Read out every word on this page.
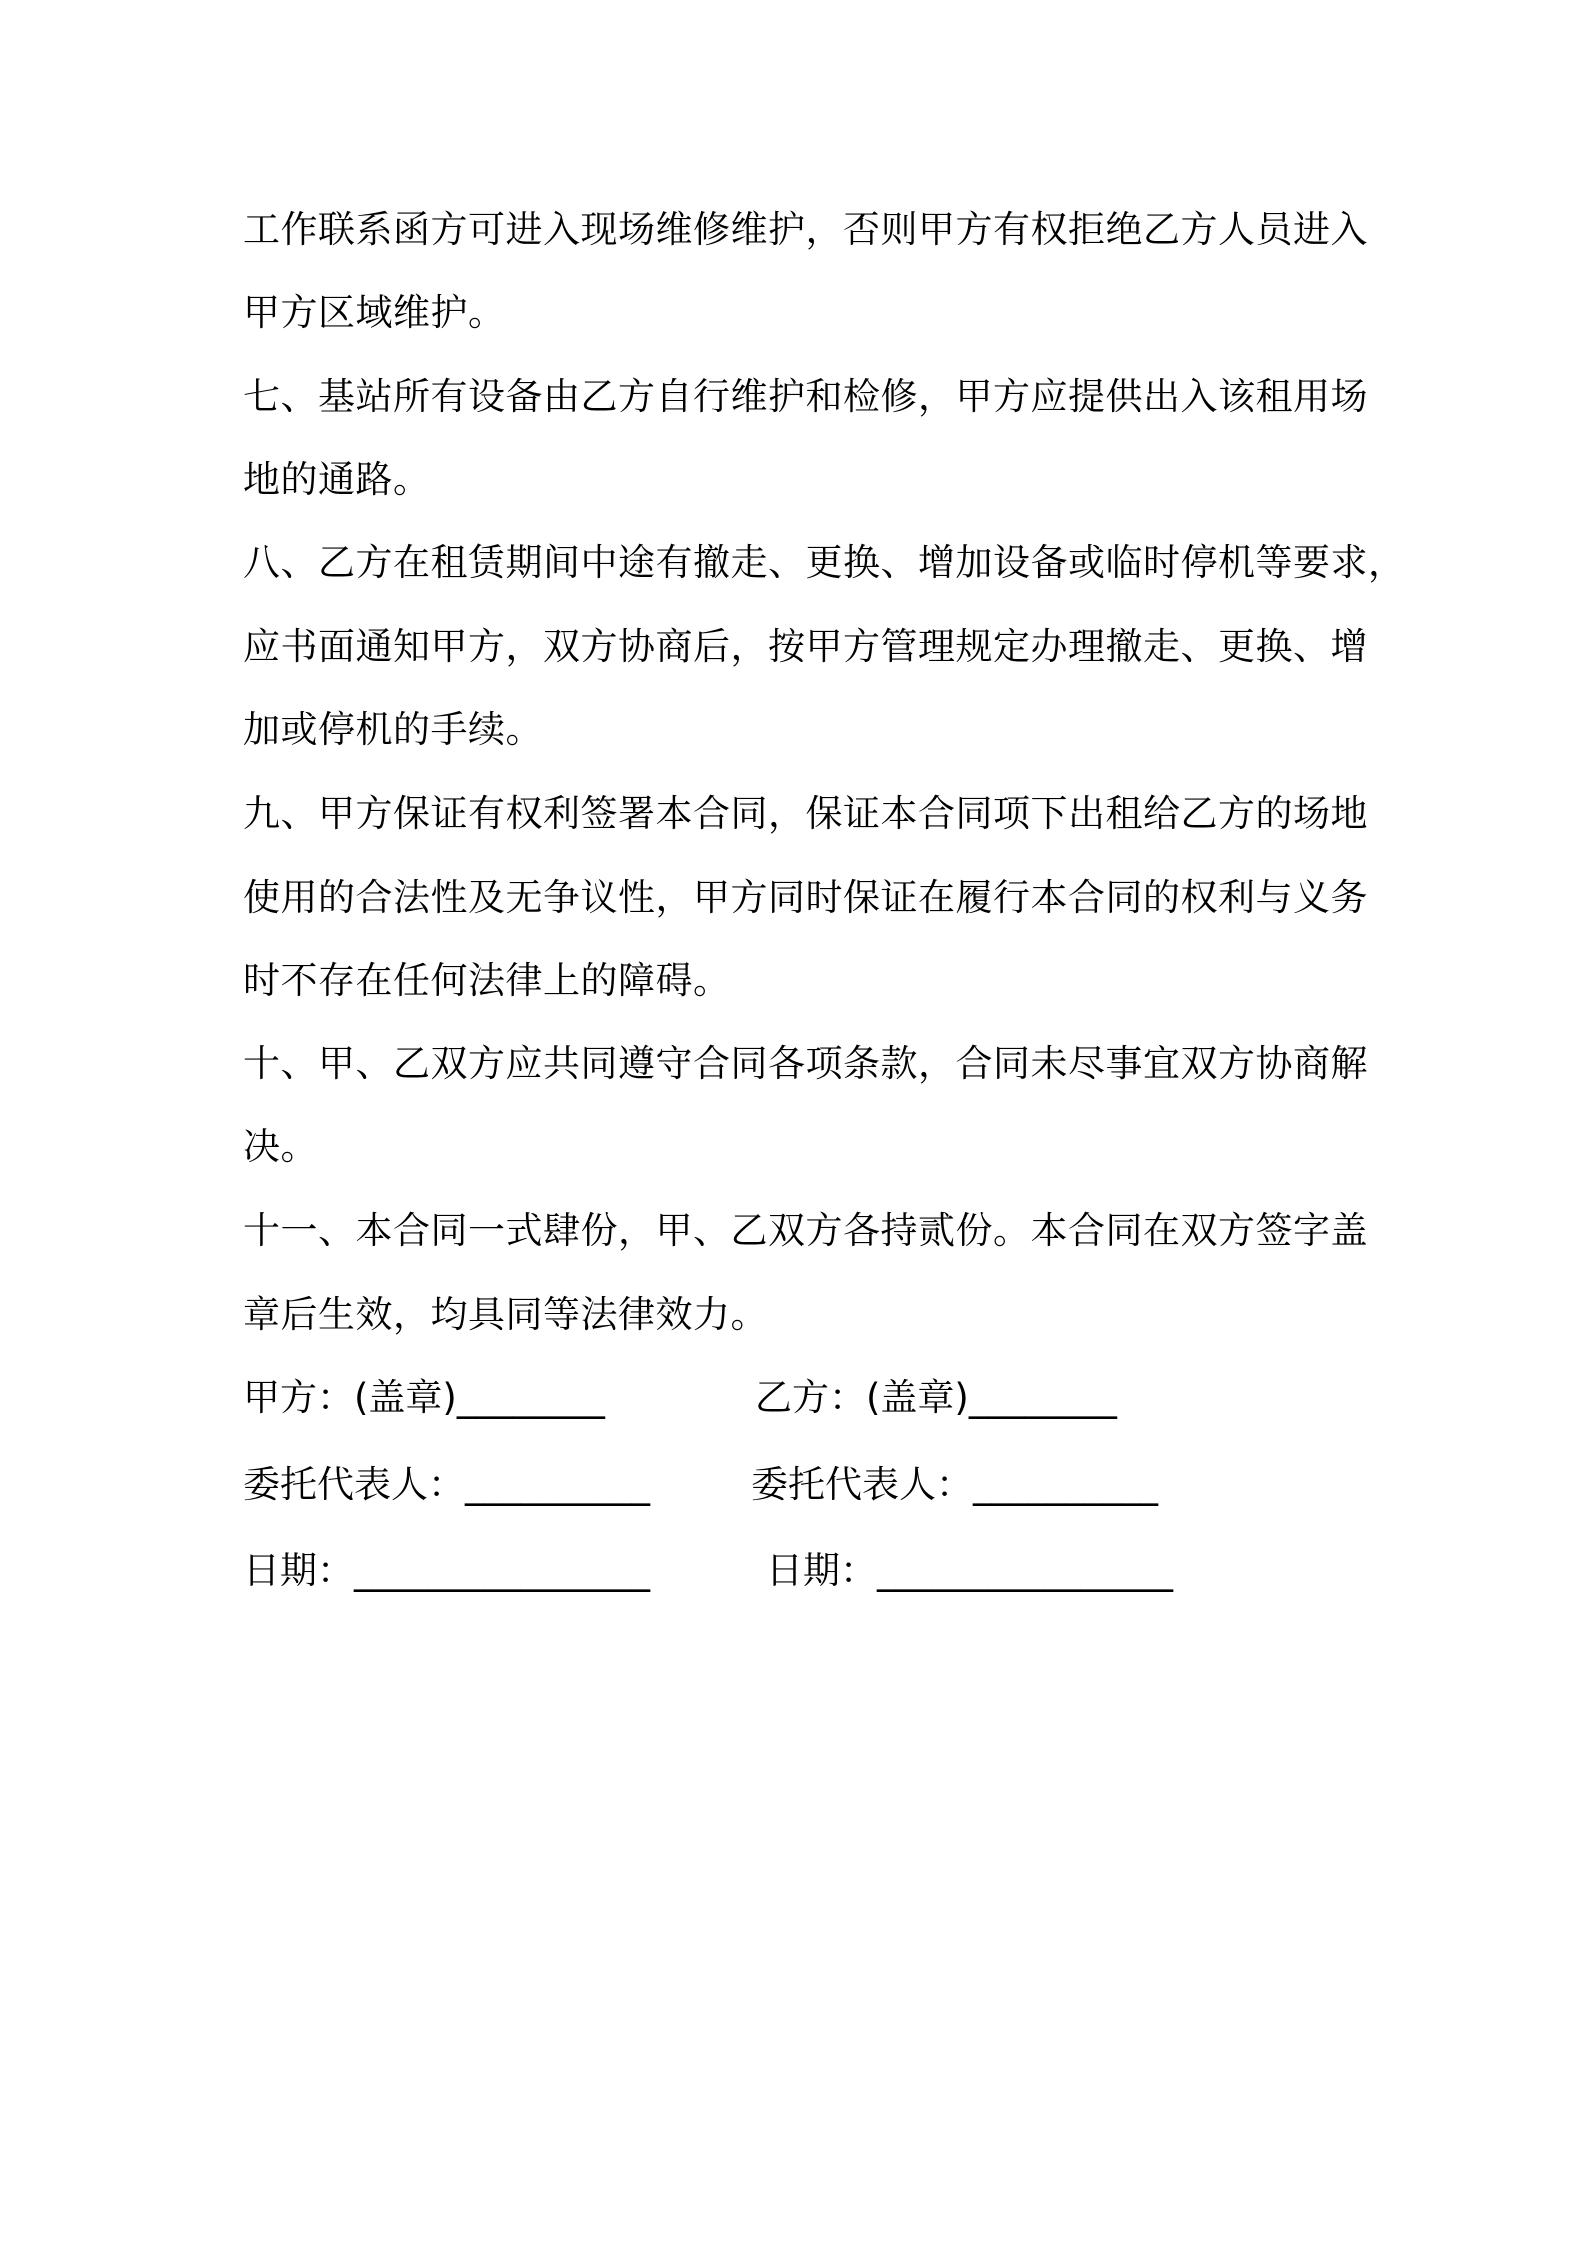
工作联系函方可进入现场维修维护，否则甲方有权拒绝乙方人员进入
甲方区域维护。
七、基站所有设备由乙方自行维护和检修，甲方应提供出入该租用场
地的通路。
八、乙方在租赁期间中途有撤走、更换、增加设备或临时停机等要求，
应书面通知甲方，双方协商后，按甲方管理规定办理撤走、更换、增
加或停机的手续。
九、甲方保证有权利签署本合同，保证本合同项下出租给乙方的场地
使用的合法性及无争议性，甲方同时保证在履行本合同的权利与义务
时不存在任何法律上的障碍。
十、甲、乙双方应共同遵守合同各项条款，合同未尽事宜双方协商解
决。
十一、本合同一式肆份，甲、乙双方各持贰份。本合同在双方签字盖
章后生效，均具同等法律效力。
甲方：(盖章)________	乙方：(盖章)________
委托代表人：__________	委托代表人：__________
日期：________________	日期：________________
